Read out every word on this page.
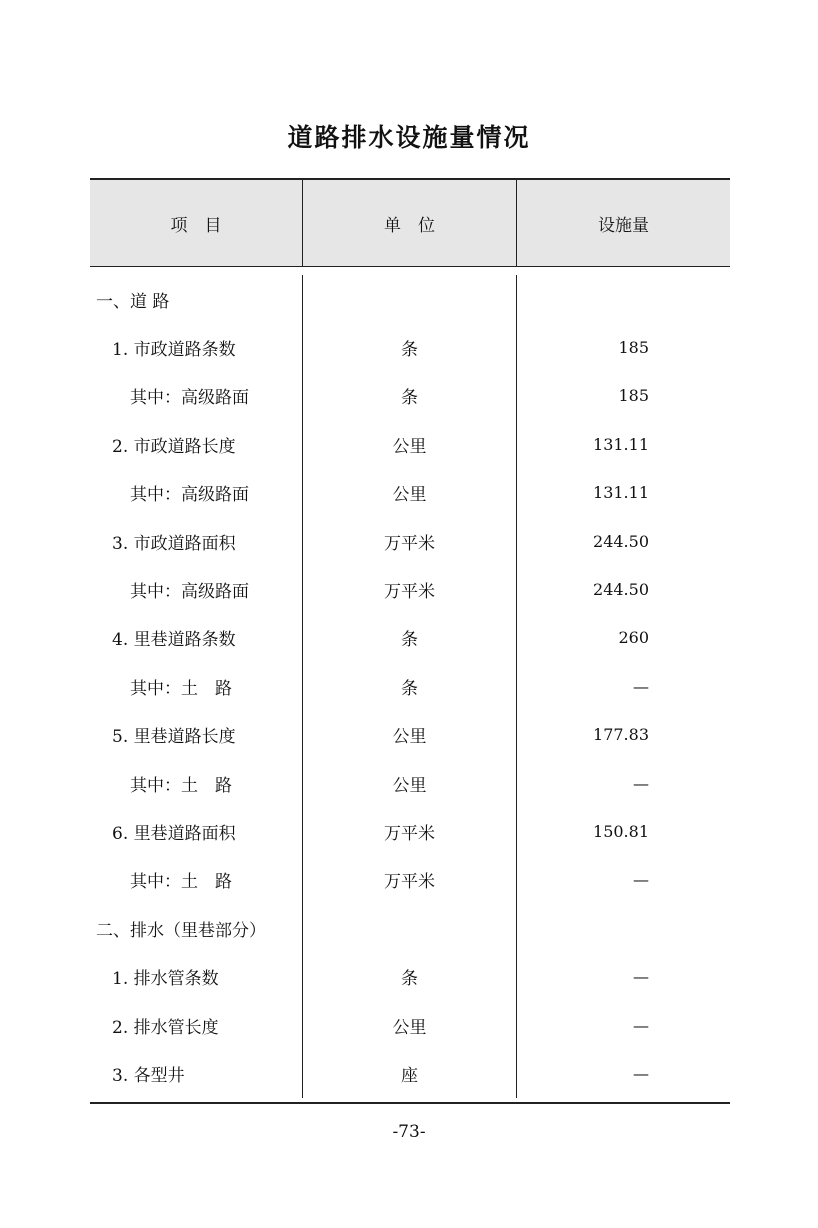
道路排水设施量情况
项　目	单　位	设施量
一、道 路
1. 市政道路条数	条	185
其中：高级路面	条	185
2. 市政道路长度	公里	131.11
其中：高级路面	公里	131.11
3. 市政道路面积	万平米	244.50
其中：高级路面	万平米	244.50
4. 里巷道路条数	条	260
其中：土　路	条	—
5. 里巷道路长度	公里	177.83
其中：土　路	公里	—
6. 里巷道路面积	万平米	150.81
其中：土　路	万平米	—
二、排水（里巷部分）
1. 排水管条数	条	—
2. 排水管长度	公里	—
3. 各型井	座	—
-73-
